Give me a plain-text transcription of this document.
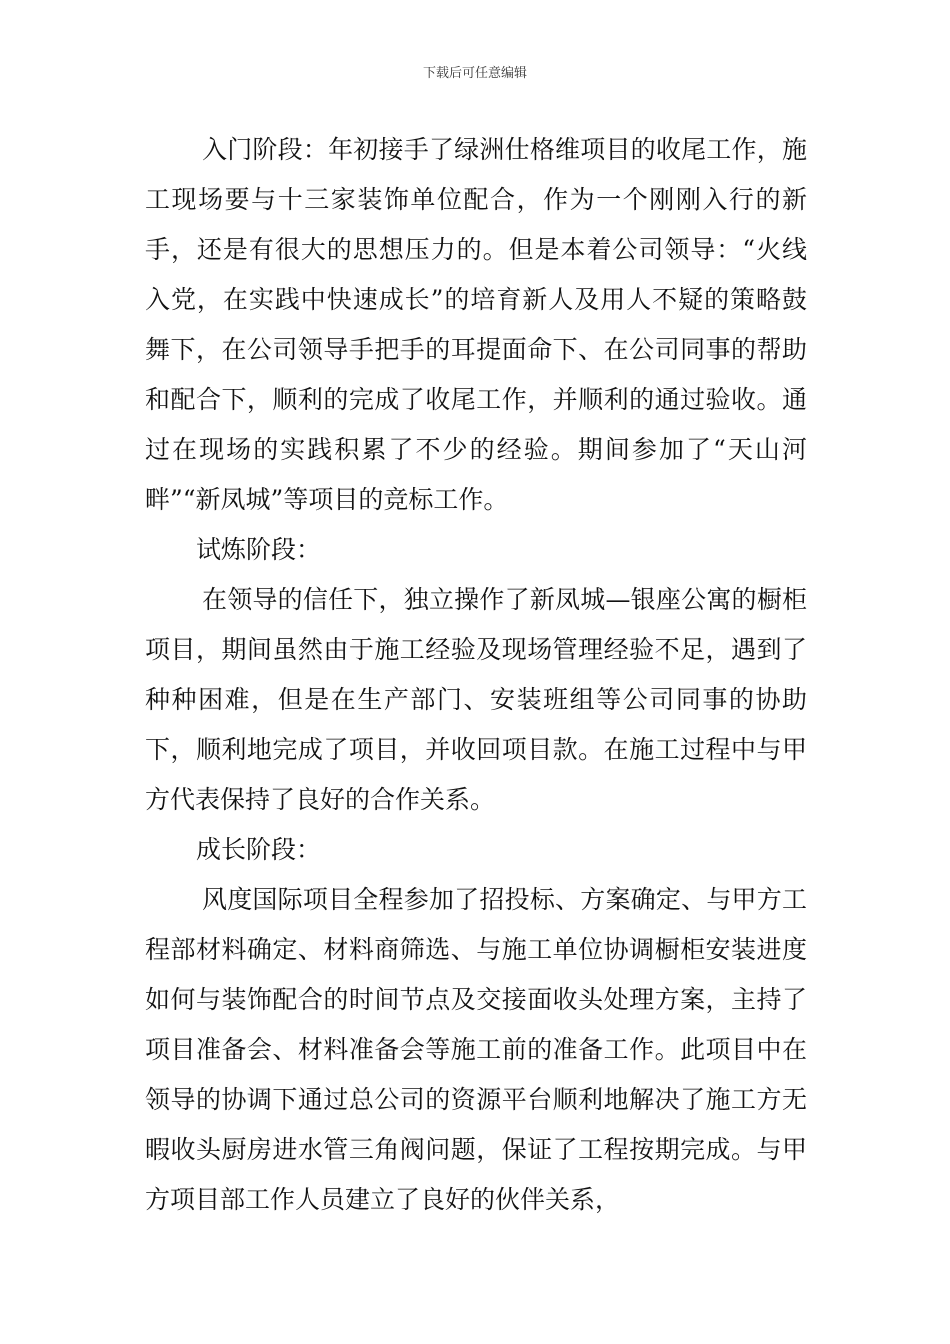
下载后可任意编辑

入门阶段：年初接手了绿洲仕格维项目的收尾工作，施工现场要与十三家装饰单位配合，作为一个刚刚入行的新手，还是有很大的思想压力的。但是本着公司领导：“火线入党，在实践中快速成长”的培育新人及用人不疑的策略鼓舞下，在公司领导手把手的耳提面命下、在公司同事的帮助和配合下，顺利的完成了收尾工作，并顺利的通过验收。通过在现场的实践积累了不少的经验。期间参加了“天山河畔”“新凤城”等项目的竞标工作。

试炼阶段：

在领导的信任下，独立操作了新凤城—银座公寓的橱柜项目，期间虽然由于施工经验及现场管理经验不足，遇到了种种困难，但是在生产部门、安装班组等公司同事的协助下，顺利地完成了项目，并收回项目款。在施工过程中与甲方代表保持了良好的合作关系。

成长阶段：

风度国际项目全程参加了招投标、方案确定、与甲方工程部材料确定、材料商筛选、与施工单位协调橱柜安装进度如何与装饰配合的时间节点及交接面收头处理方案，主持了项目准备会、材料准备会等施工前的准备工作。此项目中在领导的协调下通过总公司的资源平台顺利地解决了施工方无暇收头厨房进水管三角阀问题，保证了工程按期完成。与甲方项目部工作人员建立了良好的伙伴关系，
